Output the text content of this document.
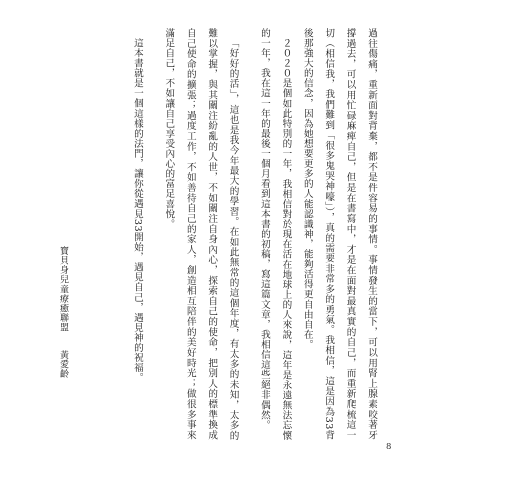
過往傷痛，重新面對背棄，都不是件容易的事情。事情發生的當下，可以用腎上腺素咬著牙撐過去，可以用忙碌麻痺自己，但是在書寫中，才是在面對最真實的自己，而重新爬梳這一切（相信我，我們難到「很多鬼哭神嚎」），真的需要非常多的勇氣。我相信，這是因為33背後那強大的信念，因為她想要更多的人能認識神，能夠活得更自由自在。

２０２０是個如此特別的一年，我相信對於現在活在地球上的人來說，這年是永遠無法忘懷的一年，我在這一年的最後一個月看到這本書的初稿，寫這篇文章，我相信這些絕非偶然。

「好好的活」，這也是我今年最大的學習。在如此無常的這個年度，有太多的未知，太多的難以掌握，與其關注紛亂的人世，不如關注自身內心，探索自己的使命，把別人的標準換成自己使命的擴張；過度工作，不如善待自己的家人，創造相互陪伴的美好時光；做很多事來滿足自己，不如讓自己享受內心的富足喜悅。

這本書就是一個這樣的法門，讓你從遇見33開始，遇見自己，遇見神的祝福。

寶貝身兒童療癒聯盟黃愛齡
8
